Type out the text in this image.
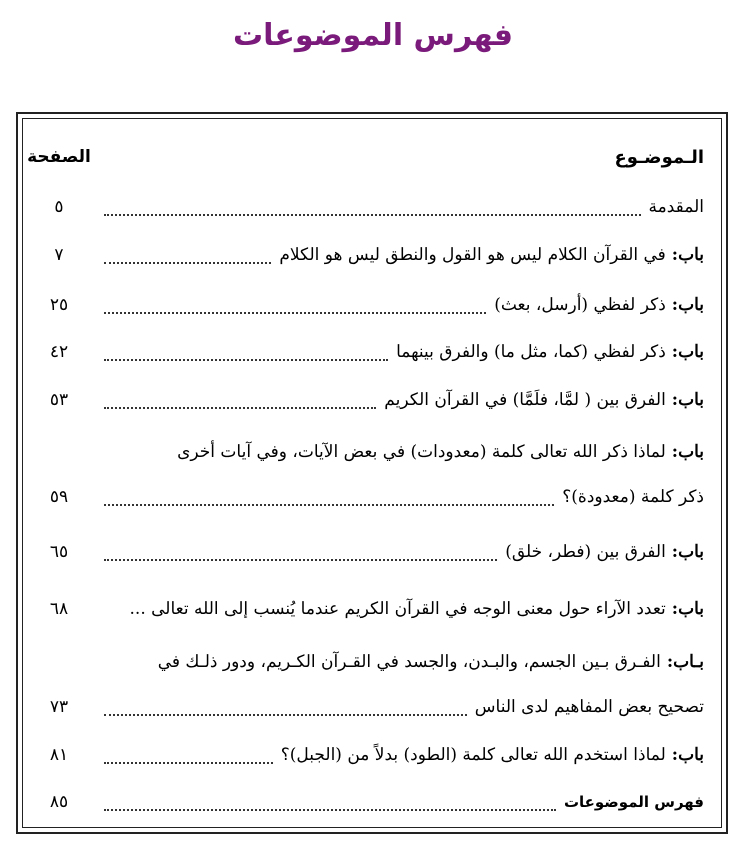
فهرس الموضوعات
الـموضـوع
الصفحة
المقدمة
٥
باب:في القرآن الكلام ليس هو القول والنطق ليس هو الكلام
٧
باب:ذكر لفظي (أرسل، بعث)
٢٥
باب:ذكر لفظي (كما، مثل ما) والفرق بينهما
٤٢
باب:الفرق بين ( لمَّا، فلَمَّا) في القرآن الكريم
٥٣
باب:لماذا ذكر الله تعالى كلمة (معدودات) في بعض الآيات، وفي آيات أخرى
ذكر كلمة (معدودة)؟
٥٩
باب:الفرق بين (فطر، خلق)
٦٥
باب:تعدد الآراء حول معنى الوجه في القرآن الكريم عندما يُنسب إلى الله تعالى ...
٦٨
بـاب:الفـرق بـين الجسم، والبـدن، والجسد في القـرآن الكـريم، ودور ذلـك في
تصحيح بعض المفاهيم لدى الناس
٧٣
باب:لماذا استخدم الله تعالى كلمة (الطود) بدلاً من (الجبل)؟
٨١
فهرس الموضوعات
٨٥
